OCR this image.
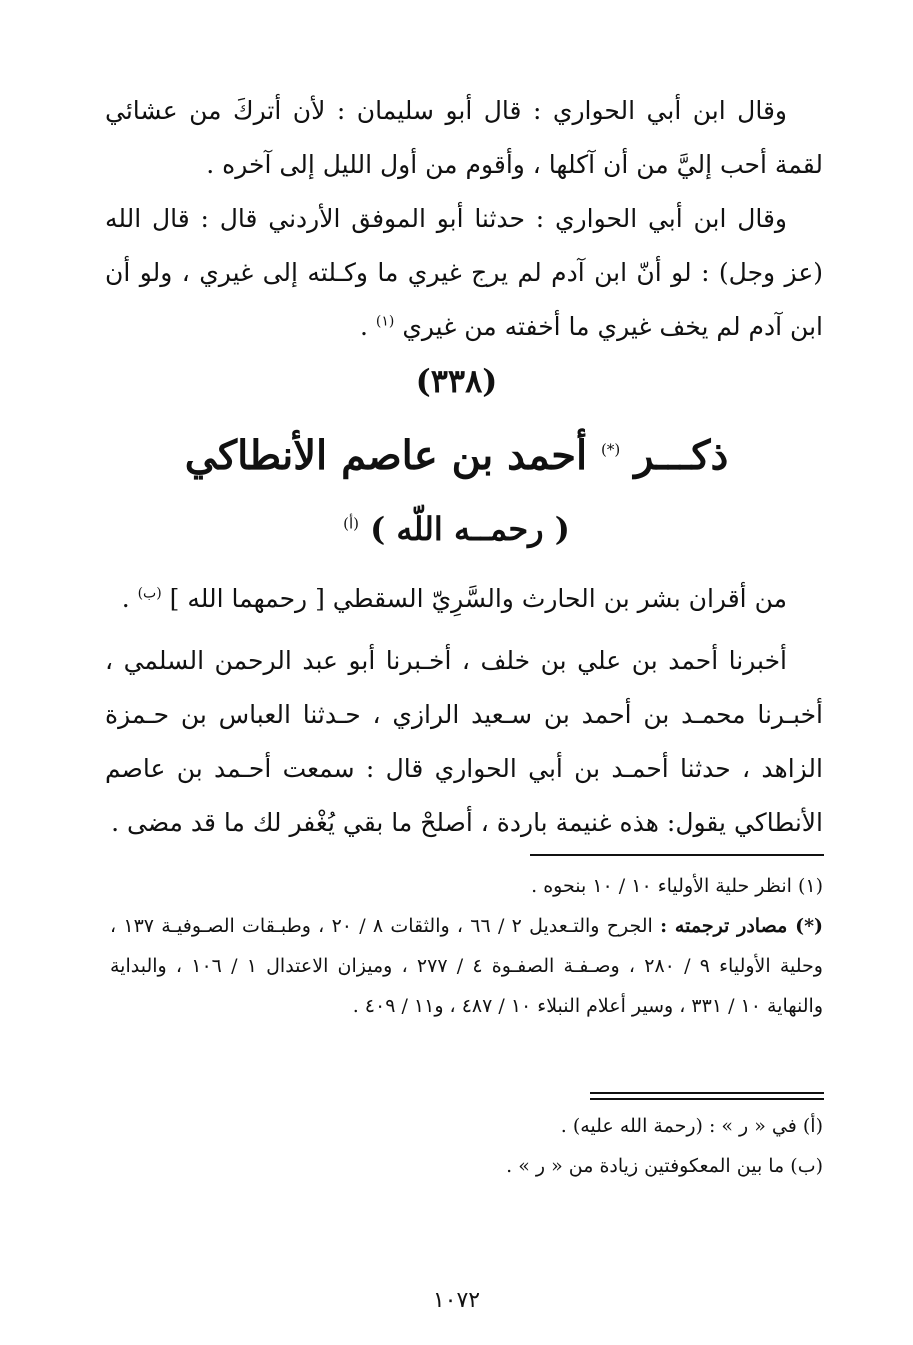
وقال ابن أبي الحواري : قال أبو سليمان : لأن أتركَ من عشائي لقمة أحب إليَّ من أن آكلها ، وأقوم من أول الليل إلى آخره .

وقال ابن أبي الحواري : حدثنا أبو الموفق الأردني قال : قال الله (عز وجل) : لو أنّ ابن آدم لم يرج غيري ما وكـلته إلى غيري ، ولو أن ابن آدم لم يخف غيري ما أخفته من غيري $^{(١)}$ .

(٣٣٨)
ذكـــر (*) أحمد بن عاصم الأنطاكي
( رحمــه اللّه ) $^{(أ)}$

من أقران بشر بن الحارث والسَّرِيّ السقطي [ رحمهما الله ] $^{(ب)}$ .

أخبرنا أحمد بن علي بن خلف ، أخـبرنا أبو عبد الرحمن السلمي ، أخبـرنا محمـد بن أحمد بن سـعيد الرازي ، حـدثنا العباس بن حـمزة الزاهد ، حدثنا أحمـد بن أبي الحواري قال : سمعت أحـمد بن عاصم الأنطاكي يقول: هذه غنيمة باردة ، أصلحْ ما بقي يُغْفر لك ما قد مضى .

(١) انظر حلية الأولياء ١٠ / ١٠ بنحوه .

(*) مصادر ترجمته : الجرح والتـعديل ٢ / ٦٦ ، والثقات ٨ / ٢٠ ، وطبـقات الصـوفيـة ١٣٧ ، وحلية الأولياء ٩ / ٢٨٠ ، وصـفـة الصفـوة ٤ / ٢٧٧ ، وميزان الاعتدال ١ / ١٠٦ ، والبداية والنهاية ١٠ / ٣٣١ ، وسير أعلام النبلاء ١٠ / ٤٨٧ ، و١١ / ٤٠٩ .

(أ) في « ر » : (رحمة الله عليه) .

(ب) ما بين المعكوفتين زيادة من « ر » .

١٠٧٢
